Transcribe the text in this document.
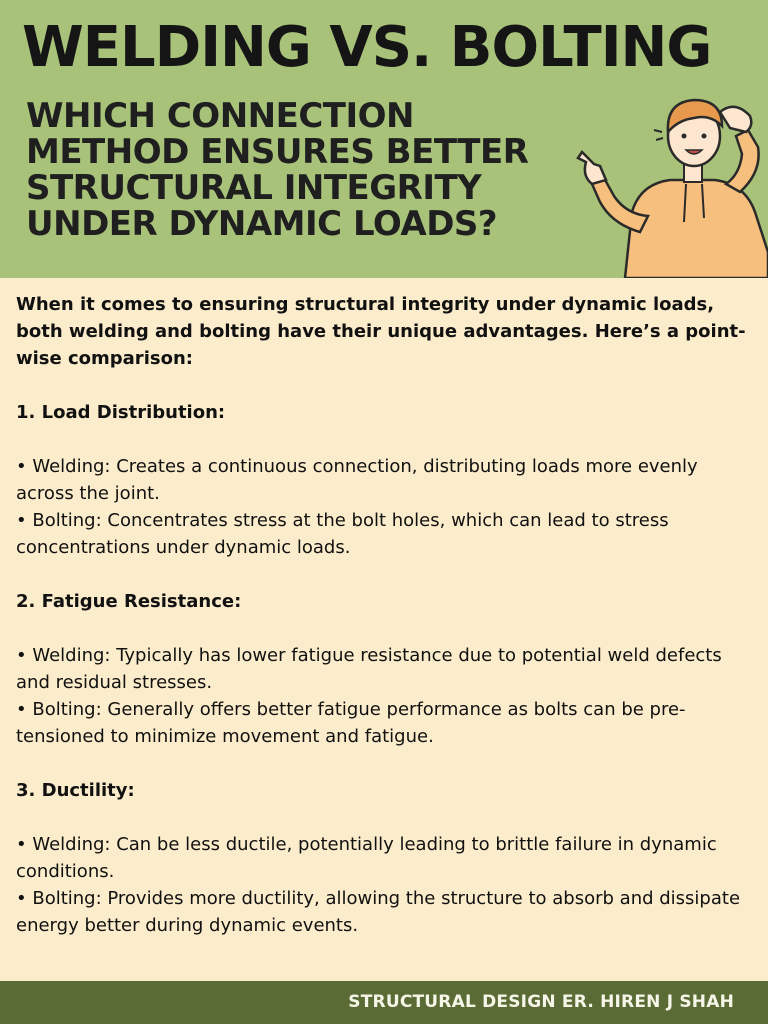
WELDING VS. BOLTING
WHICH CONNECTION
METHOD ENSURES BETTER
STRUCTURAL INTEGRITY
UNDER DYNAMIC LOADS?

When it comes to ensuring structural integrity under dynamic loads, both welding and bolting have their unique advantages. Here’s a point-wise comparison:

1. Load Distribution:

• Welding: Creates a continuous connection, distributing loads more evenly across the joint.

• Bolting: Concentrates stress at the bolt holes, which can lead to stress concentrations under dynamic loads.

2. Fatigue Resistance:

• Welding: Typically has lower fatigue resistance due to potential weld defects and residual stresses.

• Bolting: Generally offers better fatigue performance as bolts can be pre-tensioned to minimize movement and fatigue.

3. Ductility:

• Welding: Can be less ductile, potentially leading to brittle failure in dynamic conditions.

• Bolting: Provides more ductility, allowing the structure to absorb and dissipate energy better during dynamic events.

STRUCTURAL DESIGN ER. HIREN J SHAH
